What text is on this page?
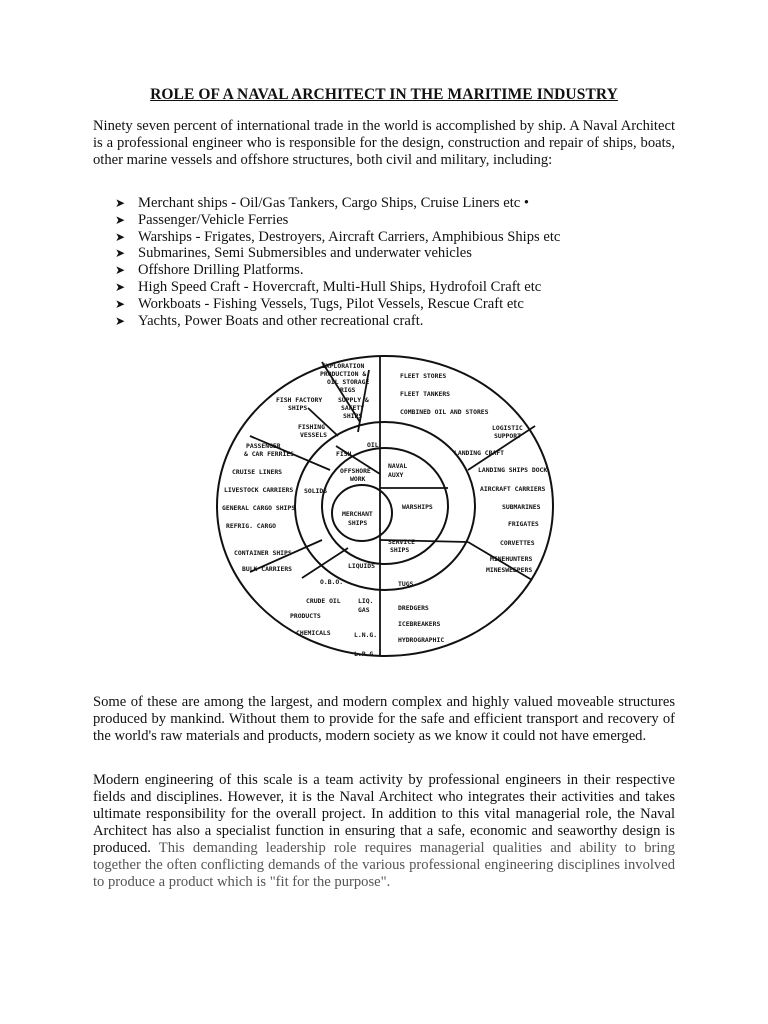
ROLE OF A NAVAL ARCHITECT IN THE MARITIME INDUSTRY
Ninety seven percent of international trade in the world is accomplished by ship. A Naval Architect is a professional engineer who is responsible for the design, construction and repair of ships, boats, other marine vessels and offshore structures, both civil and military, including:
➤ Merchant ships - Oil/Gas Tankers, Cargo Ships, Cruise Liners etc •
➤ Passenger/Vehicle Ferries
➤ Warships - Frigates, Destroyers, Aircraft Carriers, Amphibious Ships etc
➤ Submarines, Semi Submersibles and underwater vehicles
➤ Offshore Drilling Platforms.
➤ High Speed Craft - Hovercraft, Multi-Hull Ships, Hydrofoil Craft etc
➤ Workboats - Fishing Vessels, Tugs, Pilot Vessels, Rescue Craft etc
➤ Yachts, Power Boats and other recreational craft.
MERCHANT
SHIPS
OFFSHORE
WORK
NAVAL
AUXY
SERVICE
SHIPS
OIL
FISH
SOLIDS
LIQUIDS
WARSHIPS
EXPLORATION
PRODUCTION &
OIL STORAGE
RIGS
SUPPLY &
SAFETY
SHIPS
FISH FACTORY
SHIPS
FISHING
VESSELS
FLEET STORES
FLEET TANKERS
COMBINED OIL AND STORES
LOGISTIC
SUPPORT
LANDING CRAFT
LANDING SHIPS DOCK
AIRCRAFT CARRIERS
SUBMARINES
FRIGATES
CORVETTES
MINEHUNTERS
MINESWEEPERS
PASSENGER
& CAR FERRIES
CRUISE LINERS
LIVESTOCK CARRIERS
GENERAL CARGO SHIPS
REFRIG. CARGO
CONTAINER SHIPS
BULK CARRIERS
O.B.O.
CRUDE OIL	LIQ.
GAS
PRODUCTS
CHEMICALS	L.N.G.
L.P.G.
TUGS
DREDGERS
ICEBREAKERS
HYDROGRAPHIC
Some of these are among the largest, and modern complex and highly valued moveable structures produced by mankind. Without them to provide for the safe and efficient transport and recovery of the world's raw materials and products, modern society as we know it could not have emerged.
Modern engineering of this scale is a team activity by professional engineers in their respective fields and disciplines. However, it is the Naval Architect who integrates their activities and takes ultimate responsibility for the overall project. In addition to this vital managerial role, the Naval Architect has also a specialist function in ensuring that a safe, economic and seaworthy design is produced. This demanding leadership role requires managerial qualities and ability to bring together the often conflicting demands of the various professional engineering disciplines involved to produce a product which is "fit for the purpose".
